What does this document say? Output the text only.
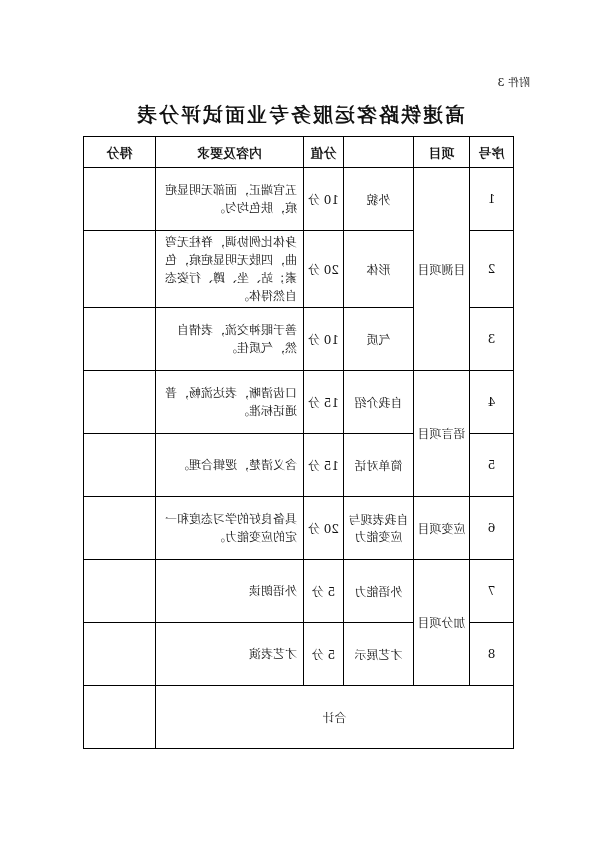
附件 3
高速铁路客运服务专业面试评分表
序号	项目		分值	内容及要求	得分
1	目测项目	外貌	10 分	五官端正，面部无明显疤痕，肤色均匀。	
2		形体	20 分	身体比例协调，脊柱无弯曲，四肢无明显疤痕，色素；站、坐、蹲、行姿态自然得体。	
3		气质	10 分	善于眼神交流，表情自然，气质佳。	
4	语言项目	自我介绍	15 分	口齿清晰，表达流畅，普通话标准。	
5		简单对话	15 分	含义清楚，逻辑合理。	
6	应变项目	自我表现与应变能力	20 分	具备良好的学习态度和一定的应变能力。	
7	加分项目	外语能力	5 分	外语朗读	
8		才艺展示	5 分	才艺表演	
合计					
